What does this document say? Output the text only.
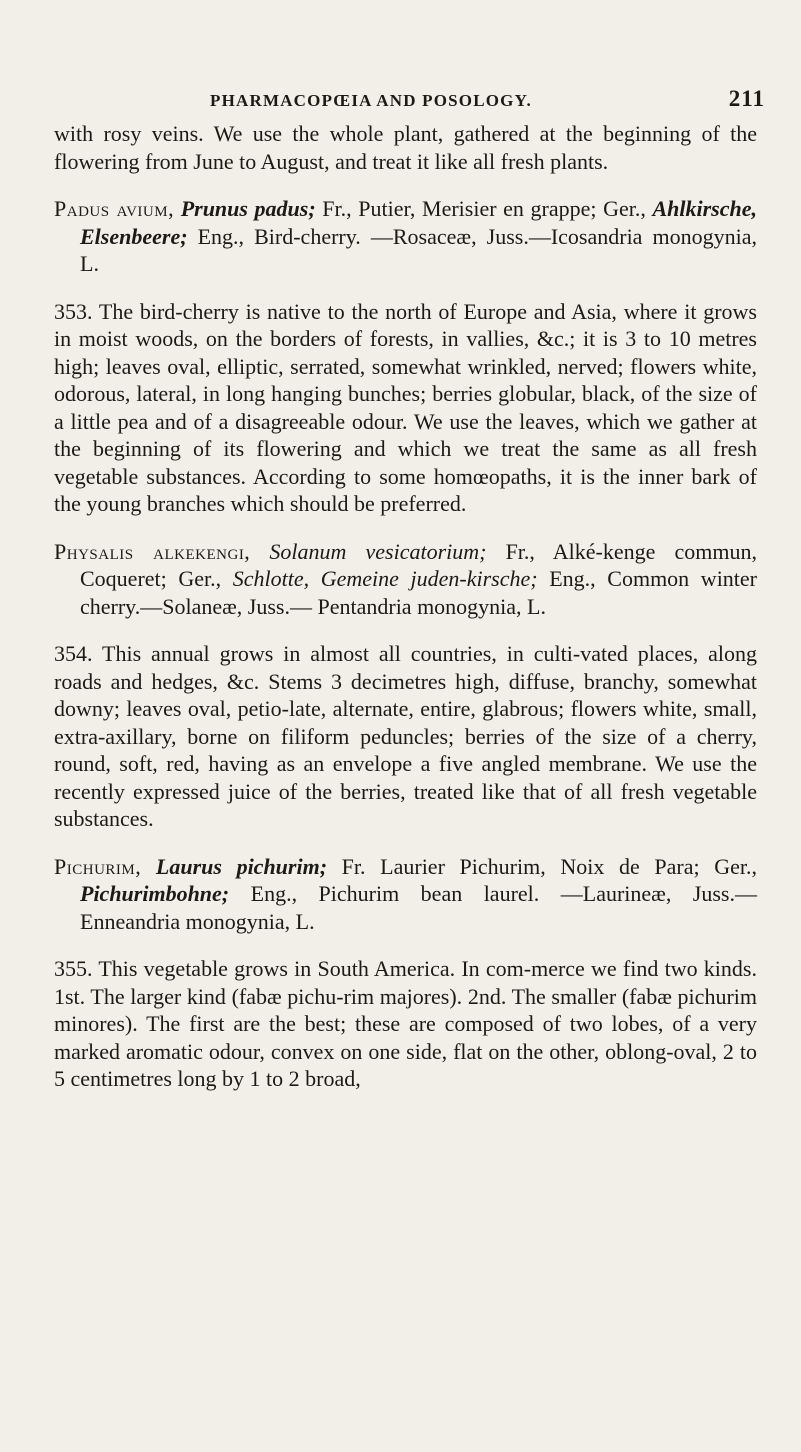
PHARMACOPŒIA AND POSOLOGY.	211

with rosy veins. We use the whole plant, gathered at the beginning of the flowering from June to August, and treat it like all fresh plants.

Padus avium, Prunus padus; Fr., Putier, Merisier en grappe; Ger., Ahlkirsche, Elsenbeere; Eng., Bird-cherry. —Rosaceæ, Juss.—Icosandria monogynia, L.

353. The bird-cherry is native to the north of Europe and Asia, where it grows in moist woods, on the borders of forests, in vallies, &c.; it is 3 to 10 metres high; leaves oval, elliptic, serrated, somewhat wrinkled, nerved; flowers white, odorous, lateral, in long hanging bunches; berries globular, black, of the size of a little pea and of a disagreeable odour. We use the leaves, which we gather at the beginning of its flowering and which we treat the same as all fresh vegetable substances. According to some homœopaths, it is the inner bark of the young branches which should be preferred.

Physalis alkekengi, Solanum vesicatorium; Fr., Alké-kenge commun, Coqueret; Ger., Schlotte, Gemeine juden-kirsche; Eng., Common winter cherry.—Solaneæ, Juss.— Pentandria monogynia, L.

354. This annual grows in almost all countries, in culti-vated places, along roads and hedges, &c. Stems 3 decimetres high, diffuse, branchy, somewhat downy; leaves oval, petio-late, alternate, entire, glabrous; flowers white, small, extra-axillary, borne on filiform peduncles; berries of the size of a cherry, round, soft, red, having as an envelope a five angled membrane. We use the recently expressed juice of the berries, treated like that of all fresh vegetable substances.

Pichurim, Laurus pichurim; Fr. Laurier Pichurim, Noix de Para; Ger., Pichurimbohne; Eng., Pichurim bean laurel. —Laurineæ, Juss.—Enneandria monogynia, L.

355. This vegetable grows in South America. In com-merce we find two kinds. 1st. The larger kind (fabæ pichu-rim majores). 2nd. The smaller (fabæ pichurim minores). The first are the best; these are composed of two lobes, of a very marked aromatic odour, convex on one side, flat on the other, oblong-oval, 2 to 5 centimetres long by 1 to 2 broad,
